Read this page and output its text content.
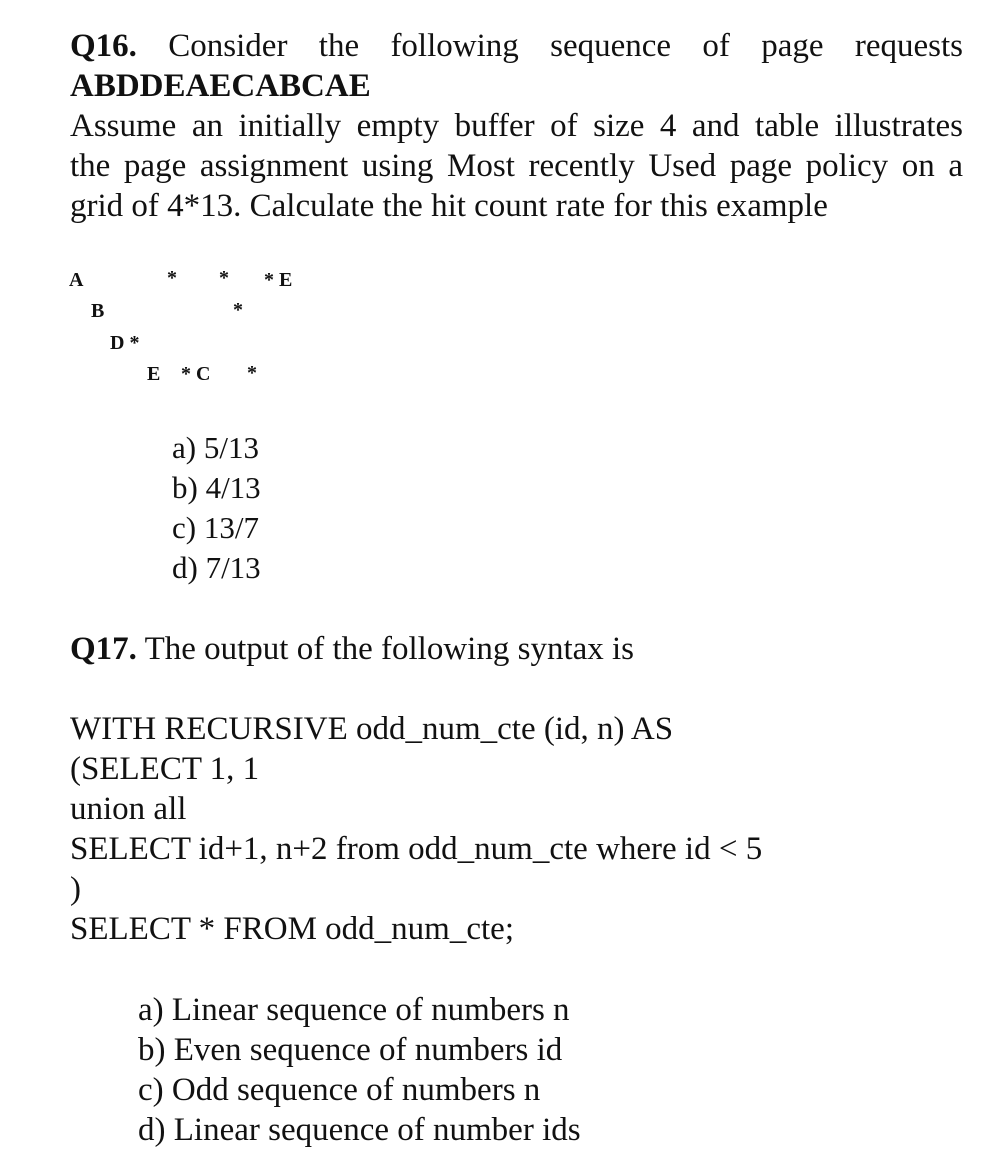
Q16. Consider the following sequence of page requests
ABDDEAECABCAE
Assume an initially empty buffer of size 4 and table illustrates
the page assignment using Most recently Used page policy on a
grid of 4*13. Calculate the hit count rate for this example
A	* * * E
B	*
D *
E * C *
a) 5/13
b) 4/13
c) 13/7
d) 7/13
Q17. The output of the following syntax is
WITH RECURSIVE odd_num_cte (id, n) AS
(SELECT 1, 1
union all
SELECT id+1, n+2 from odd_num_cte where id < 5
)
SELECT * FROM odd_num_cte;
a) Linear sequence of numbers n
b) Even sequence of numbers id
c) Odd sequence of numbers n
d) Linear sequence of number ids
